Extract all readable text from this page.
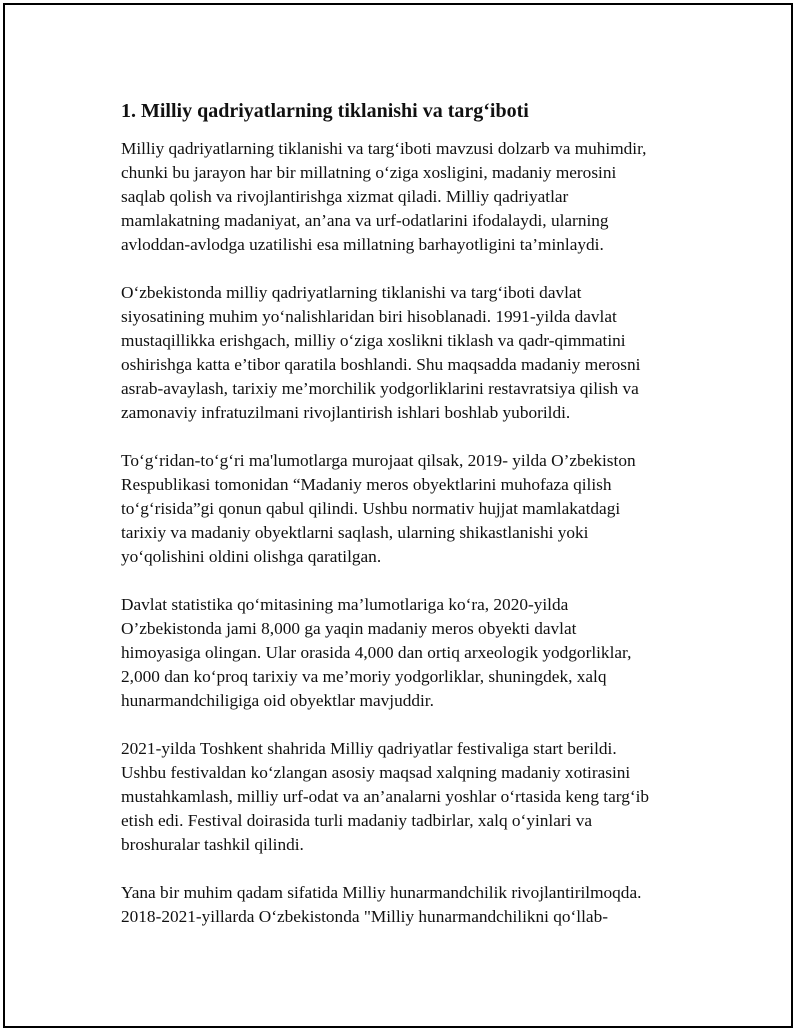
1. Milliy qadriyatlarning tiklanishi va targ‘iboti

Milliy qadriyatlarning tiklanishi va targ‘iboti mavzusi dolzarb va muhimdir,
chunki bu jarayon har bir millatning o‘ziga xosligini, madaniy merosini
saqlab qolish va rivojlantirishga xizmat qiladi. Milliy qadriyatlar
mamlakatning madaniyat, an’ana va urf-odatlarini ifodalaydi, ularning
avloddan-avlodga uzatilishi esa millatning barhayotligini ta’minlaydi.

O‘zbekistonda milliy qadriyatlarning tiklanishi va targ‘iboti davlat
siyosatining muhim yo‘nalishlaridan biri hisoblanadi. 1991-yilda davlat
mustaqillikka erishgach, milliy o‘ziga xoslikni tiklash va qadr-qimmatini
oshirishga katta e’tibor qaratila boshlandi. Shu maqsadda madaniy merosni
asrab-avaylash, tarixiy me’morchilik yodgorliklarini restavratsiya qilish va
zamonaviy infratuzilmani rivojlantirish ishlari boshlab yuborildi.

To‘g‘ridan-to‘g‘ri ma'lumotlarga murojaat qilsak, 2019- yilda O’zbekiston
Respublikasi tomonidan “Madaniy meros obyektlarini muhofaza qilish
to‘g‘risida”gi qonun qabul qilindi. Ushbu normativ hujjat mamlakatdagi
tarixiy va madaniy obyektlarni saqlash, ularning shikastlanishi yoki
yo‘qolishini oldini olishga qaratilgan.

Davlat statistika qo‘mitasining ma’lumotlariga ko‘ra, 2020-yilda
O’zbekistonda jami 8,000 ga yaqin madaniy meros obyekti davlat
himoyasiga olingan. Ular orasida 4,000 dan ortiq arxeologik yodgorliklar,
2,000 dan ko‘proq tarixiy va me’moriy yodgorliklar, shuningdek, xalq
hunarmandchiligiga oid obyektlar mavjuddir.

2021-yilda Toshkent shahrida Milliy qadriyatlar festivaliga start berildi.
Ushbu festivaldan ko‘zlangan asosiy maqsad xalqning madaniy xotirasini
mustahkamlash, milliy urf-odat va an’analarni yoshlar o‘rtasida keng targ‘ib
etish edi. Festival doirasida turli madaniy tadbirlar, xalq o‘yinlari va
broshuralar tashkil qilindi.

Yana bir muhim qadam sifatida Milliy hunarmandchilik rivojlantirilmoqda.
2018-2021-yillarda O‘zbekistonda "Milliy hunarmandchilikni qo‘llab-
